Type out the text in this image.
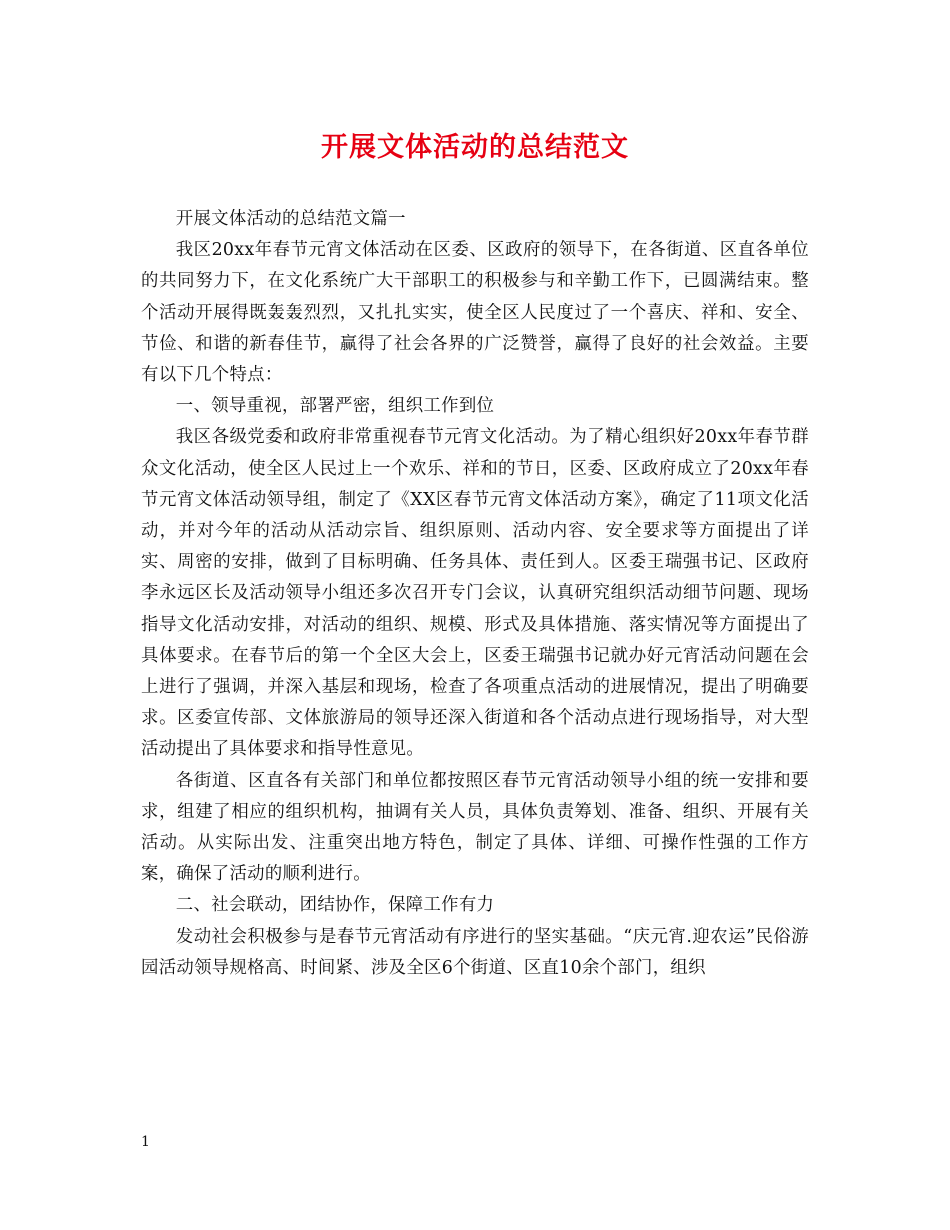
开展文体活动的总结范文

开展文体活动的总结范文篇一

我区20xx年春节元宵文体活动在区委、区政府的领导下，在各街道、区直各单位的共同努力下，在文化系统广大干部职工的积极参与和辛勤工作下，已圆满结束。整个活动开展得既轰轰烈烈，又扎扎实实，使全区人民度过了一个喜庆、祥和、安全、节俭、和谐的新春佳节，赢得了社会各界的广泛赞誉，赢得了良好的社会效益。主要有以下几个特点：

一、领导重视，部署严密，组织工作到位

我区各级党委和政府非常重视春节元宵文化活动。为了精心组织好20xx年春节群众文化活动，使全区人民过上一个欢乐、祥和的节日，区委、区政府成立了20xx年春节元宵文体活动领导组，制定了《XX区春节元宵文体活动方案》，确定了11项文化活动，并对今年的活动从活动宗旨、组织原则、活动内容、安全要求等方面提出了详实、周密的安排，做到了目标明确、任务具体、责任到人。区委王瑞强书记、区政府李永远区长及活动领导小组还多次召开专门会议，认真研究组织活动细节问题、现场指导文化活动安排，对活动的组织、规模、形式及具体措施、落实情况等方面提出了具体要求。在春节后的第一个全区大会上，区委王瑞强书记就办好元宵活动问题在会上进行了强调，并深入基层和现场，检查了各项重点活动的进展情况，提出了明确要求。区委宣传部、文体旅游局的领导还深入街道和各个活动点进行现场指导，对大型活动提出了具体要求和指导性意见。

各街道、区直各有关部门和单位都按照区春节元宵活动领导小组的统一安排和要求，组建了相应的组织机构，抽调有关人员，具体负责筹划、准备、组织、开展有关活动。从实际出发、注重突出地方特色，制定了具体、详细、可操作性强的工作方案，确保了活动的顺利进行。

二、社会联动，团结协作，保障工作有力

发动社会积极参与是春节元宵活动有序进行的坚实基础。“庆元宵.迎农运”民俗游园活动领导规格高、时间紧、涉及全区6个街道、区直10余个部门，组织

1
